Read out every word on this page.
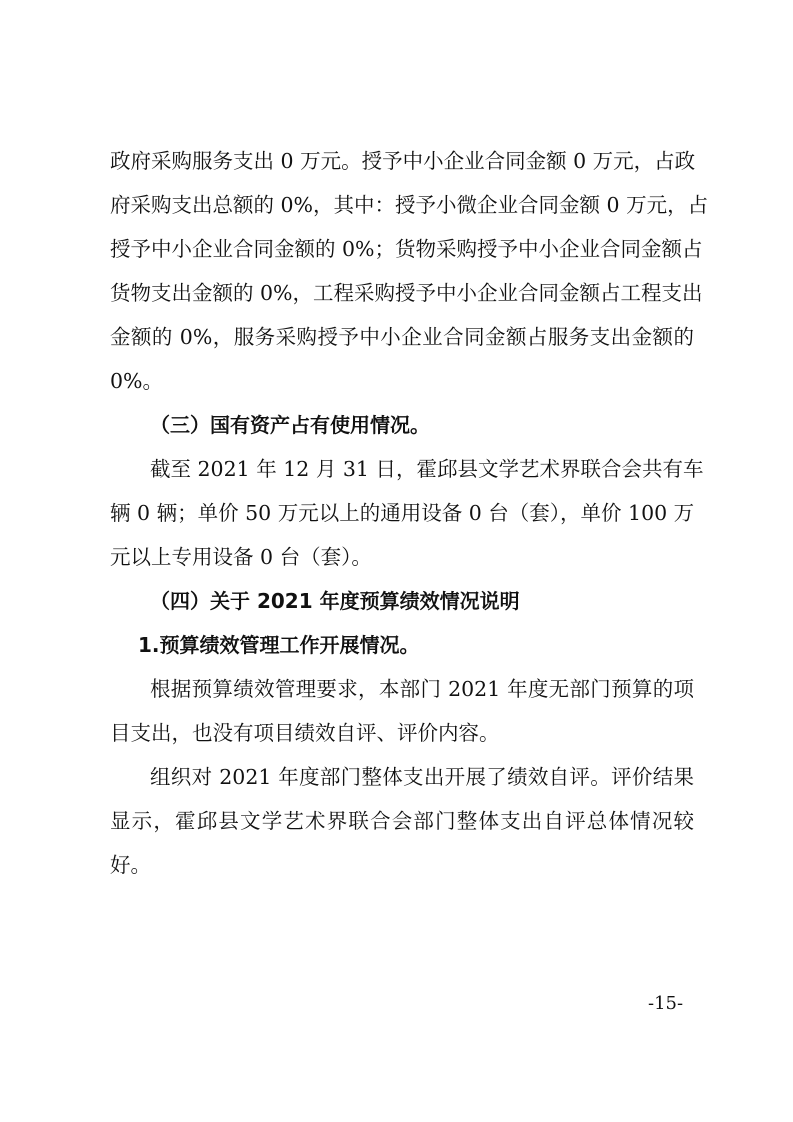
政府采购服务支出 0 万元。授予中小企业合同金额 0 万元，占政
府采购支出总额的 0%，其中：授予小微企业合同金额 0 万元，占
授予中小企业合同金额的 0%；货物采购授予中小企业合同金额占
货物支出金额的 0%，工程采购授予中小企业合同金额占工程支出
金额的 0%，服务采购授予中小企业合同金额占服务支出金额的
0%。
（三）国有资产占有使用情况。
截至 2021 年 12 月 31 日，霍邱县文学艺术界联合会共有车
辆 0 辆；单价 50 万元以上的通用设备 0 台（套），单价 100 万
元以上专用设备 0 台（套）。
（四）关于 2021 年度预算绩效情况说明
1.预算绩效管理工作开展情况。
根据预算绩效管理要求，本部门 2021 年度无部门预算的项
目支出，也没有项目绩效自评、评价内容。
组织对 2021 年度部门整体支出开展了绩效自评。评价结果
显示，霍邱县文学艺术界联合会部门整体支出自评总体情况较
好。
-15-
